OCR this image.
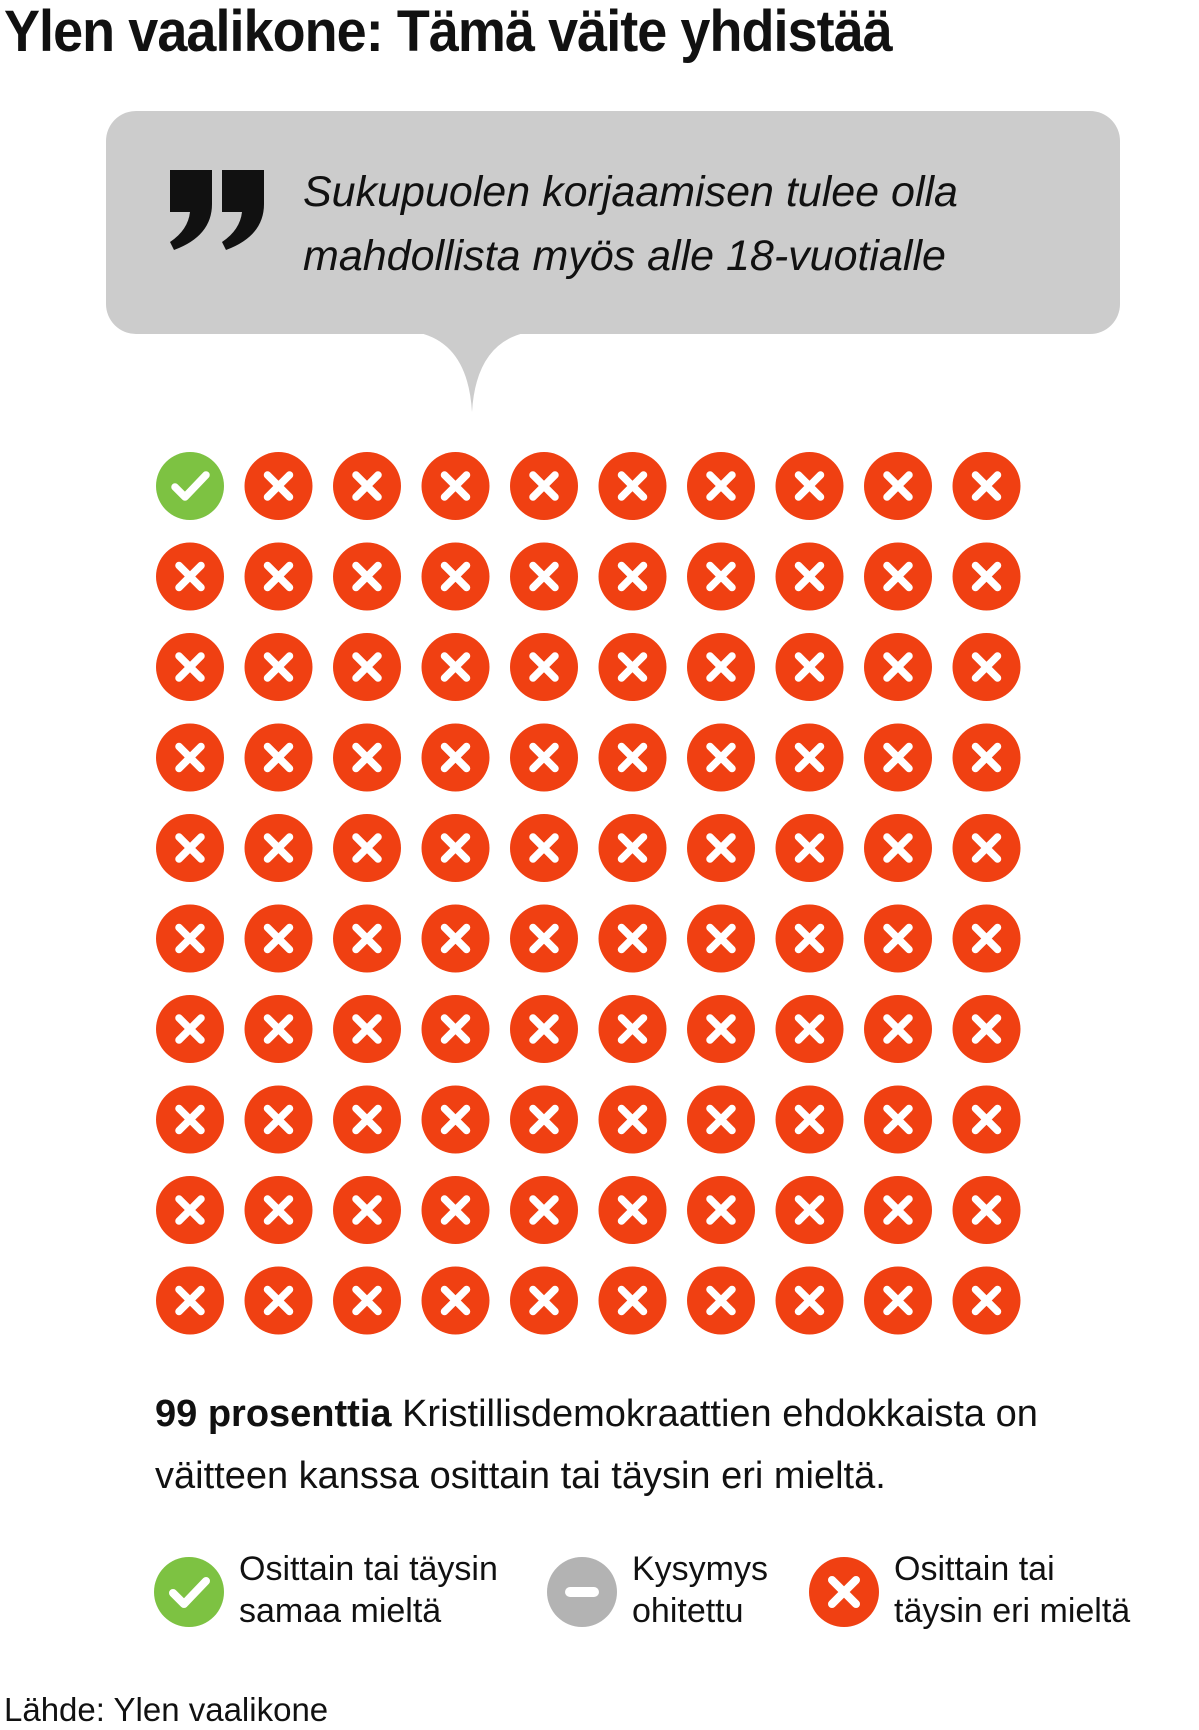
Ylen vaalikone: Tämä väite yhdistää
Sukupuolen korjaamisen tulee olla
mahdollista myös alle 18-vuotialle

99 prosenttia Kristillisdemokraattien ehdokkaista on väitteen kanssa osittain tai täysin eri mieltä.

Osittain tai täysin
samaa mieltä
Kysymys
ohitettu
Osittain tai
täysin eri mieltä
Lähde: Ylen vaalikone
